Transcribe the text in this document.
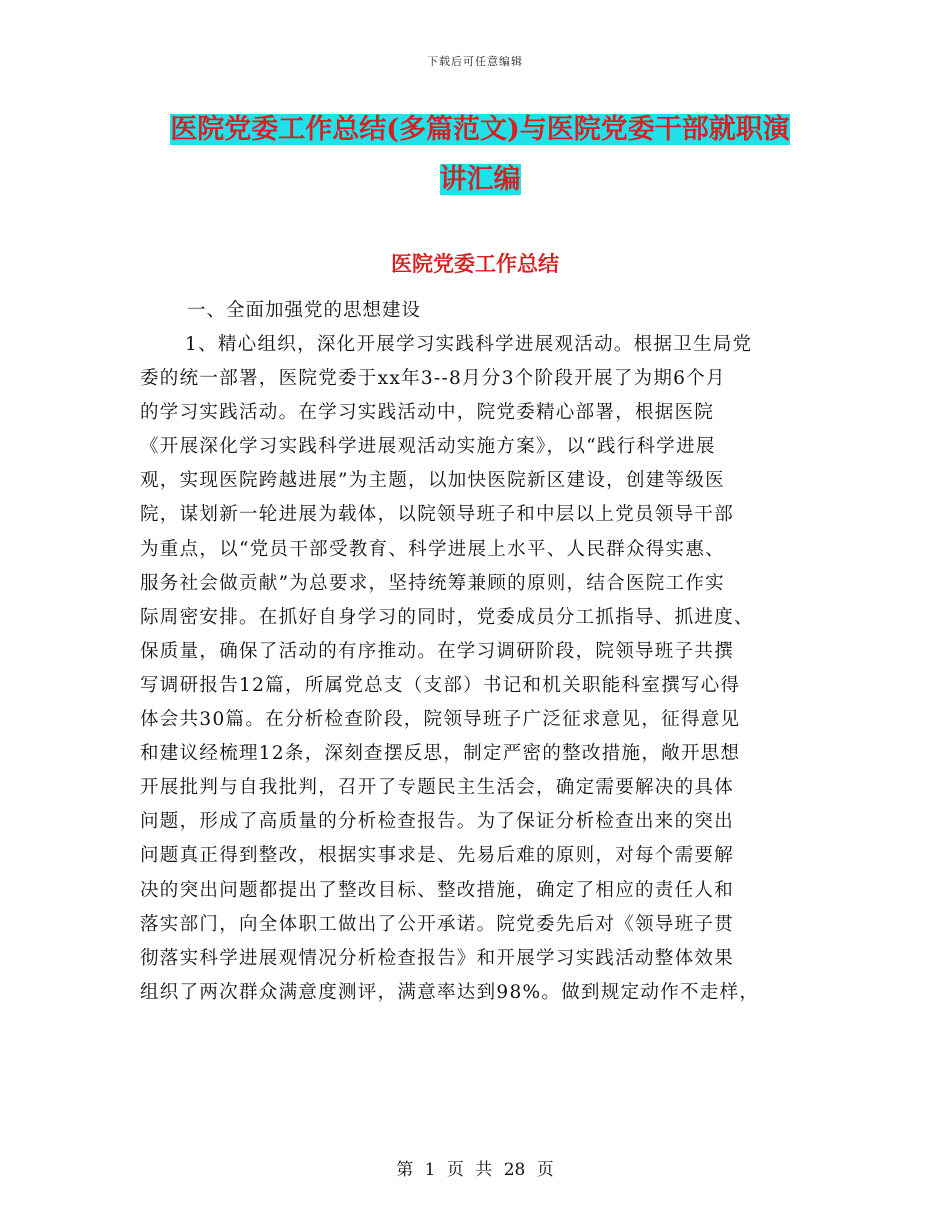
下载后可任意编辑
医院党委工作总结(多篇范文)与医院党委干部就职演
讲汇编
医院党委工作总结
一、全面加强党的思想建设
1、精心组织，深化开展学习实践科学进展观活动。根据卫生局党
委的统一部署，医院党委于xx年3--8月分3个阶段开展了为期6个月
的学习实践活动。在学习实践活动中，院党委精心部署，根据医院
《开展深化学习实践科学进展观活动实施方案》，以“践行科学进展
观，实现医院跨越进展”为主题，以加快医院新区建设，创建等级医
院，谋划新一轮进展为载体，以院领导班子和中层以上党员领导干部
为重点，以“党员干部受教育、科学进展上水平、人民群众得实惠、
服务社会做贡献”为总要求，坚持统筹兼顾的原则，结合医院工作实
际周密安排。在抓好自身学习的同时，党委成员分工抓指导、抓进度、
保质量，确保了活动的有序推动。在学习调研阶段，院领导班子共撰
写调研报告12篇，所属党总支（支部）书记和机关职能科室撰写心得
体会共30篇。在分析检查阶段，院领导班子广泛征求意见，征得意见
和建议经梳理12条，深刻查摆反思，制定严密的整改措施，敞开思想
开展批判与自我批判，召开了专题民主生活会，确定需要解决的具体
问题，形成了高质量的分析检查报告。为了保证分析检查出来的突出
问题真正得到整改，根据实事求是、先易后难的原则，对每个需要解
决的突出问题都提出了整改目标、整改措施，确定了相应的责任人和
落实部门，向全体职工做出了公开承诺。院党委先后对《领导班子贯
彻落实科学进展观情况分析检查报告》和开展学习实践活动整体效果
组织了两次群众满意度测评，满意率达到98%。做到规定动作不走样，
第 1 页 共 28 页
